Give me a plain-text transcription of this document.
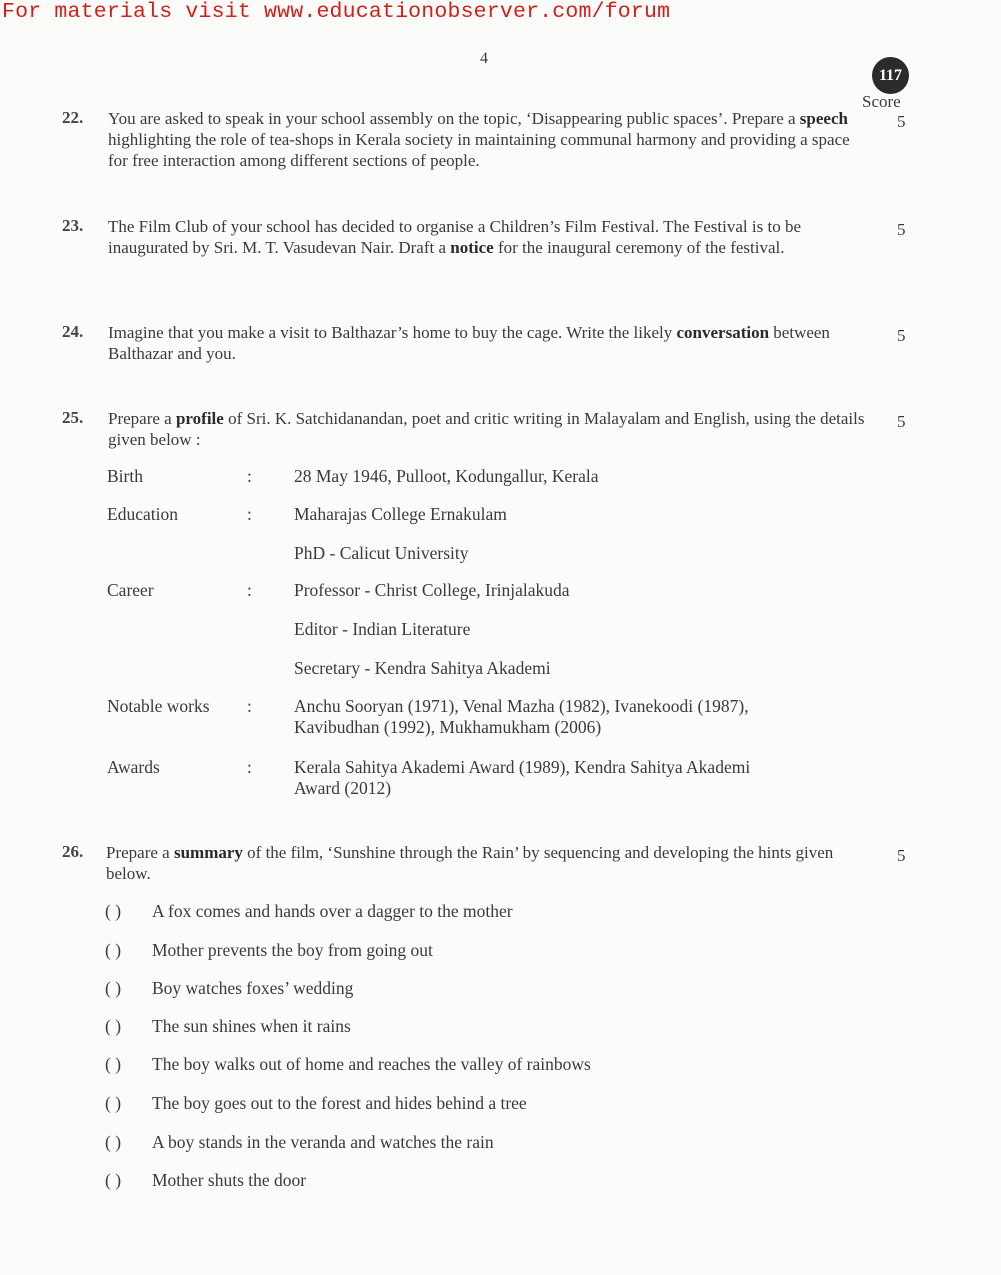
For materials visit www.educationobserver.com/forum
4
117
Score
22. You are asked to speak in your school assembly on the topic, ‘Disappearing public spaces’. Prepare a speech highlighting the role of tea-shops in Kerala society in maintaining communal harmony and providing a space for free interaction among different sections of people.
5
23. The Film Club of your school has decided to organise a Children’s Film Festival. The Festival is to be inaugurated by Sri. M. T. Vasudevan Nair. Draft a notice for the inaugural ceremony of the festival.
5
24. Imagine that you make a visit to Balthazar’s home to buy the cage. Write the likely conversation between Balthazar and you.
5
25. Prepare a profile of Sri. K. Satchidanandan, poet and critic writing in Malayalam and English, using the details given below :
5
Birth	: 28 May 1946, Pulloot, Kodungallur, Kerala
Education	: Maharajas College Ernakulam
PhD - Calicut University
Career	: Professor - Christ College, Irinjalakuda
Editor - Indian Literature
Secretary - Kendra Sahitya Akademi
Notable works : Anchu Sooryan (1971), Venal Mazha (1982), Ivanekoodi (1987), Kavibudhan (1992), Mukhamukham (2006)
Awards	: Kerala Sahitya Akademi Award (1989), Kendra Sahitya Akademi Award (2012)
26. Prepare a summary of the film, ‘Sunshine through the Rain’ by sequencing and developing the hints given below.
5
( ) A fox comes and hands over a dagger to the mother
( ) Mother prevents the boy from going out
( ) Boy watches foxes’ wedding
( ) The sun shines when it rains
( ) The boy walks out of home and reaches the valley of rainbows
( ) The boy goes out to the forest and hides behind a tree
( ) A boy stands in the veranda and watches the rain
( ) Mother shuts the door
